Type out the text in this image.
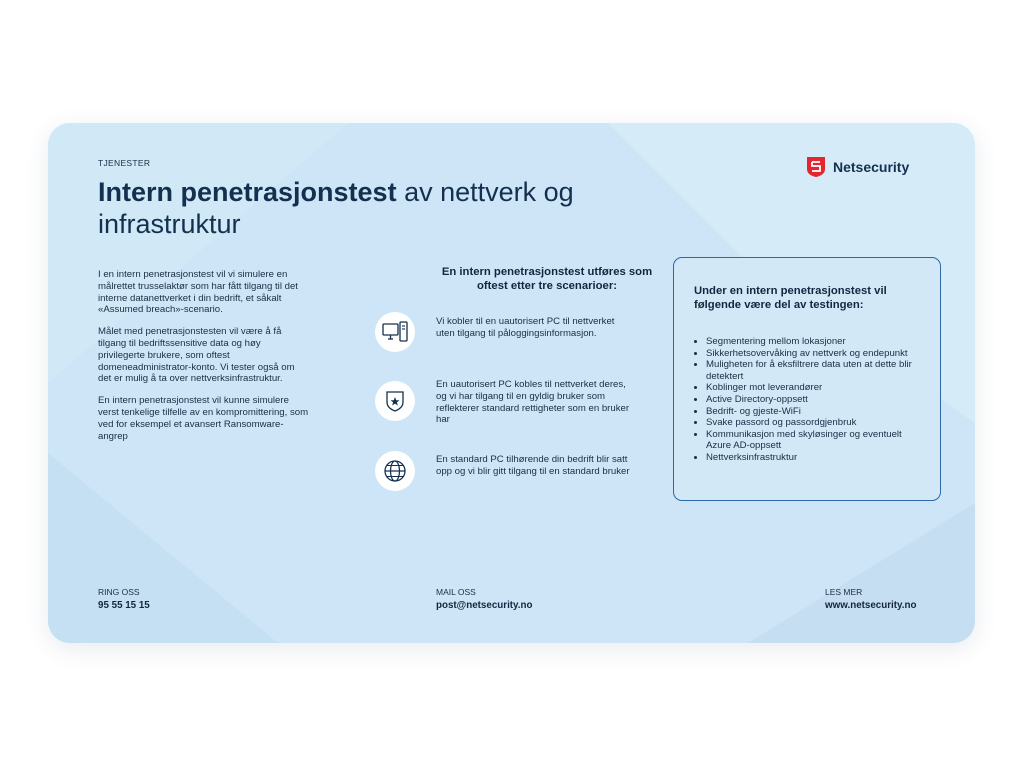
TJENESTER
Intern penetrasjonstest av nettverk og infrastruktur
Netsecurity

I en intern penetrasjonstest vil vi simulere en målrettet trusselaktør som har fått tilgang til det interne datanettverket i din bedrift, et såkalt «Assumed breach»-scenario.

Målet med penetrasjonstesten vil være å få tilgang til bedriftssensitive data og høy privilegerte brukere, som oftest domeneadministrator-konto. Vi tester også om det er mulig å ta over nettverksinfrastruktur.

En intern penetrasjonstest vil kunne simulere verst tenkelige tilfelle av en kompromittering, som ved for eksempel et avansert Ransomware-angrep

En intern penetrasjonstest utføres som oftest etter tre scenarioer:
Vi kobler til en uautorisert PC til nettverket uten tilgang til påloggingsinformasjon.
En uautorisert PC kobles til nettverket deres, og vi har tilgang til en gyldig bruker som reflekterer standard rettigheter som en bruker har
En standard PC tilhørende din bedrift blir satt opp og vi blir gitt tilgang til en standard bruker
Under en intern penetrasjonstest vil følgende være del av testingen:
• Segmentering mellom lokasjoner
• Sikkerhetsovervåking av nettverk og endepunkt
• Muligheten for å eksfiltrere data uten at dette blir detektert
• Koblinger mot leverandører
• Active Directory-oppsett
• Bedrift- og gjeste-WiFi
• Svake passord og passordgjenbruk
• Kommunikasjon med skyløsinger og eventuelt Azure AD-oppsett
• Nettverksinfrastruktur
RING OSS
95 55 15 15
MAIL OSS
post@netsecurity.no
LES MER
www.netsecurity.no
